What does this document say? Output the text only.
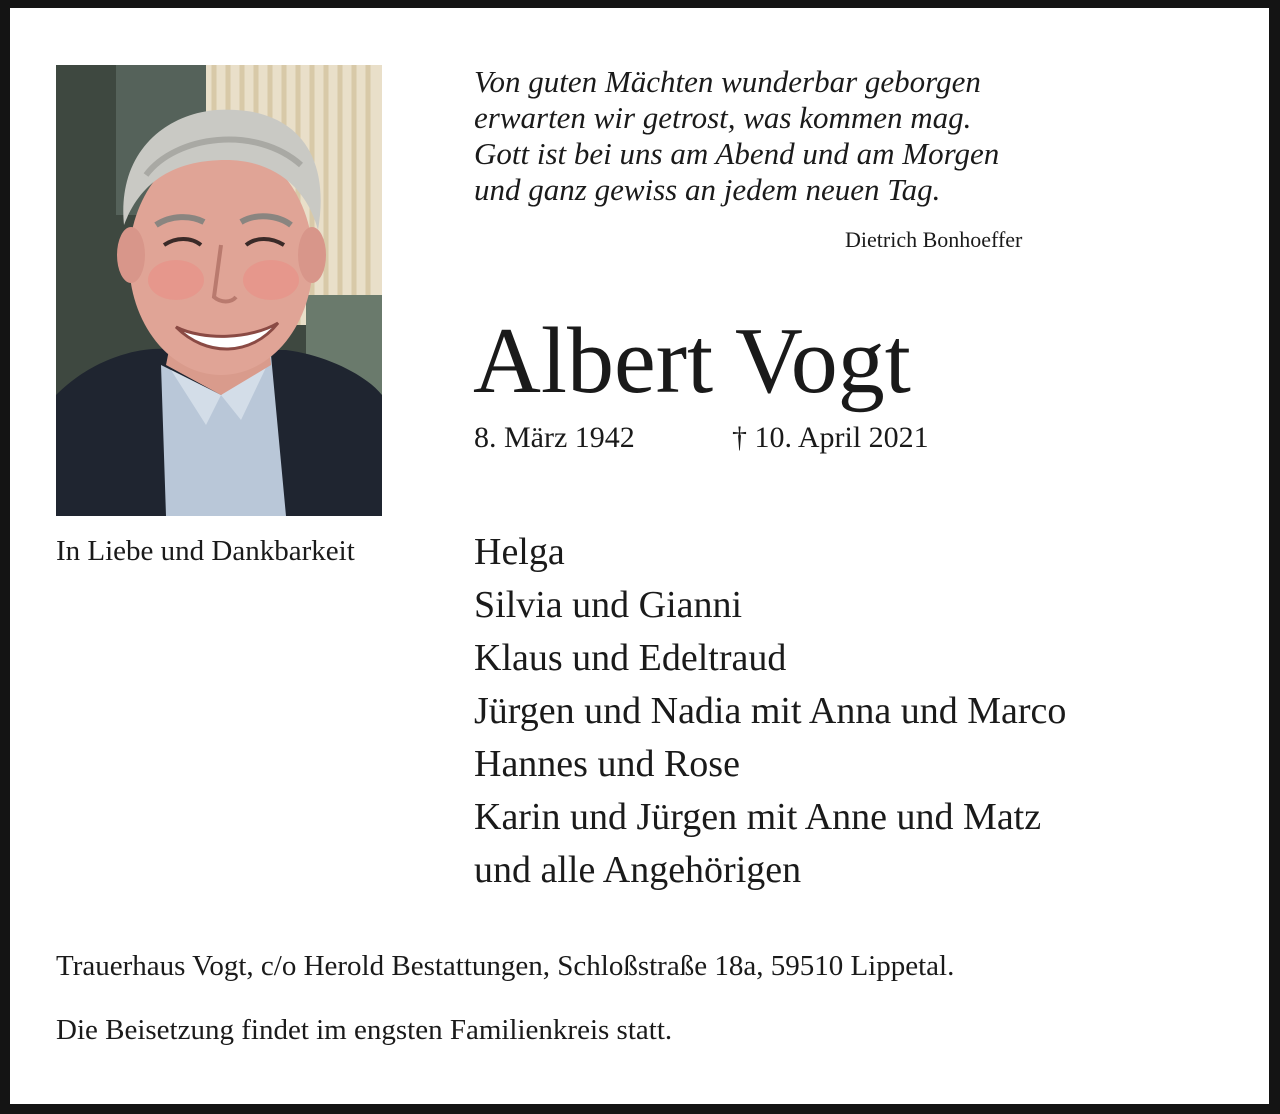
In Liebe und Dankbarkeit
Von guten Mächten wunderbar geborgen
erwarten wir getrost, was kommen mag.
Gott ist bei uns am Abend und am Morgen
und ganz gewiss an jedem neuen Tag.
Dietrich Bonhoeffer
Albert Vogt
8. März 1942	† 10. April 2021
Helga
Silvia und Gianni
Klaus und Edeltraud
Jürgen und Nadia mit Anna und Marco
Hannes und Rose
Karin und Jürgen mit Anne und Matz
und alle Angehörigen
Trauerhaus Vogt, c/o Herold Bestattungen, Schloßstraße 18a, 59510 Lippetal.
Die Beisetzung findet im engsten Familienkreis statt.
